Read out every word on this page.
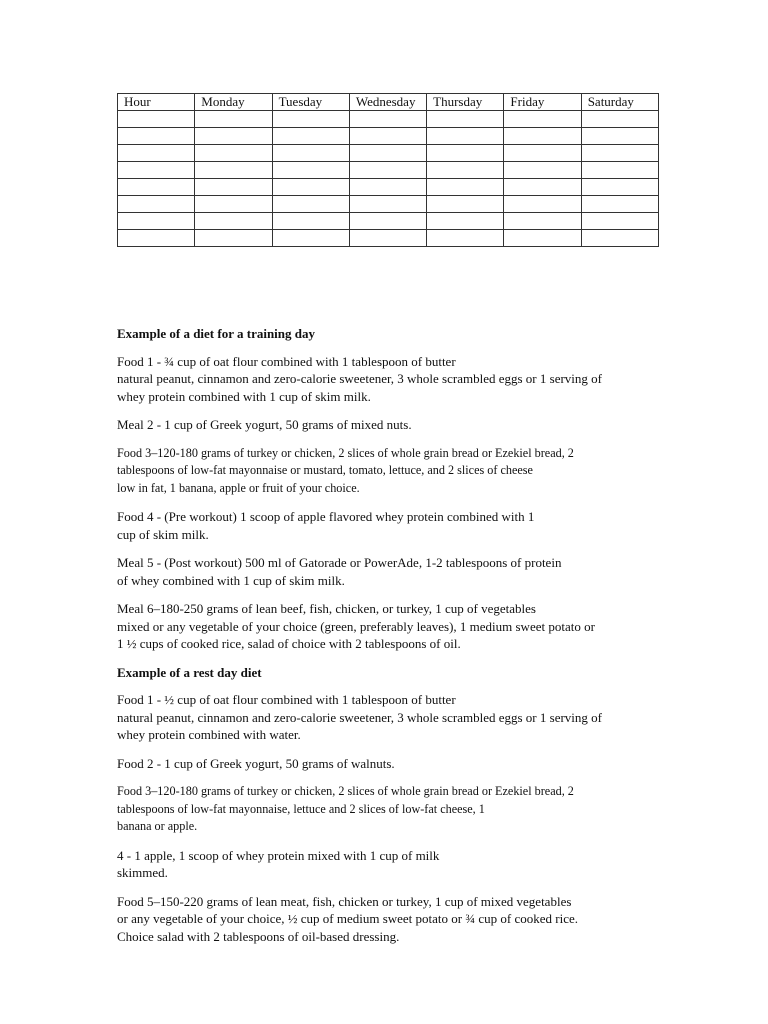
Hour	Monday	Tuesday	Wednesday	Thursday	Friday	Saturday

Example of a diet for a training day

Food 1 - ¾ cup of oat flour combined with 1 tablespoon of butter
natural peanut, cinnamon and zero-calorie sweetener, 3 whole scrambled eggs or 1 serving of
whey protein combined with 1 cup of skim milk.

Meal 2 - 1 cup of Greek yogurt, 50 grams of mixed nuts.

Food 3–120-180 grams of turkey or chicken, 2 slices of whole grain bread or Ezekiel bread, 2
tablespoons of low-fat mayonnaise or mustard, tomato, lettuce, and 2 slices of cheese
low in fat, 1 banana, apple or fruit of your choice.

Food 4 - (Pre workout) 1 scoop of apple flavored whey protein combined with 1
cup of skim milk.

Meal 5 - (Post workout) 500 ml of Gatorade or PowerAde, 1-2 tablespoons of protein
of whey combined with 1 cup of skim milk.

Meal 6–180-250 grams of lean beef, fish, chicken, or turkey, 1 cup of vegetables
mixed or any vegetable of your choice (green, preferably leaves), 1 medium sweet potato or
1 ½ cups of cooked rice, salad of choice with 2 tablespoons of oil.

Example of a rest day diet

Food 1 - ½ cup of oat flour combined with 1 tablespoon of butter
natural peanut, cinnamon and zero-calorie sweetener, 3 whole scrambled eggs or 1 serving of
whey protein combined with water.

Food 2 - 1 cup of Greek yogurt, 50 grams of walnuts.

Food 3–120-180 grams of turkey or chicken, 2 slices of whole grain bread or Ezekiel bread, 2
tablespoons of low-fat mayonnaise, lettuce and 2 slices of low-fat cheese, 1
banana or apple.

4 - 1 apple, 1 scoop of whey protein mixed with 1 cup of milk
skimmed.

Food 5–150-220 grams of lean meat, fish, chicken or turkey, 1 cup of mixed vegetables
or any vegetable of your choice, ½ cup of medium sweet potato or ¾ cup of cooked rice.
Choice salad with 2 tablespoons of oil-based dressing.
